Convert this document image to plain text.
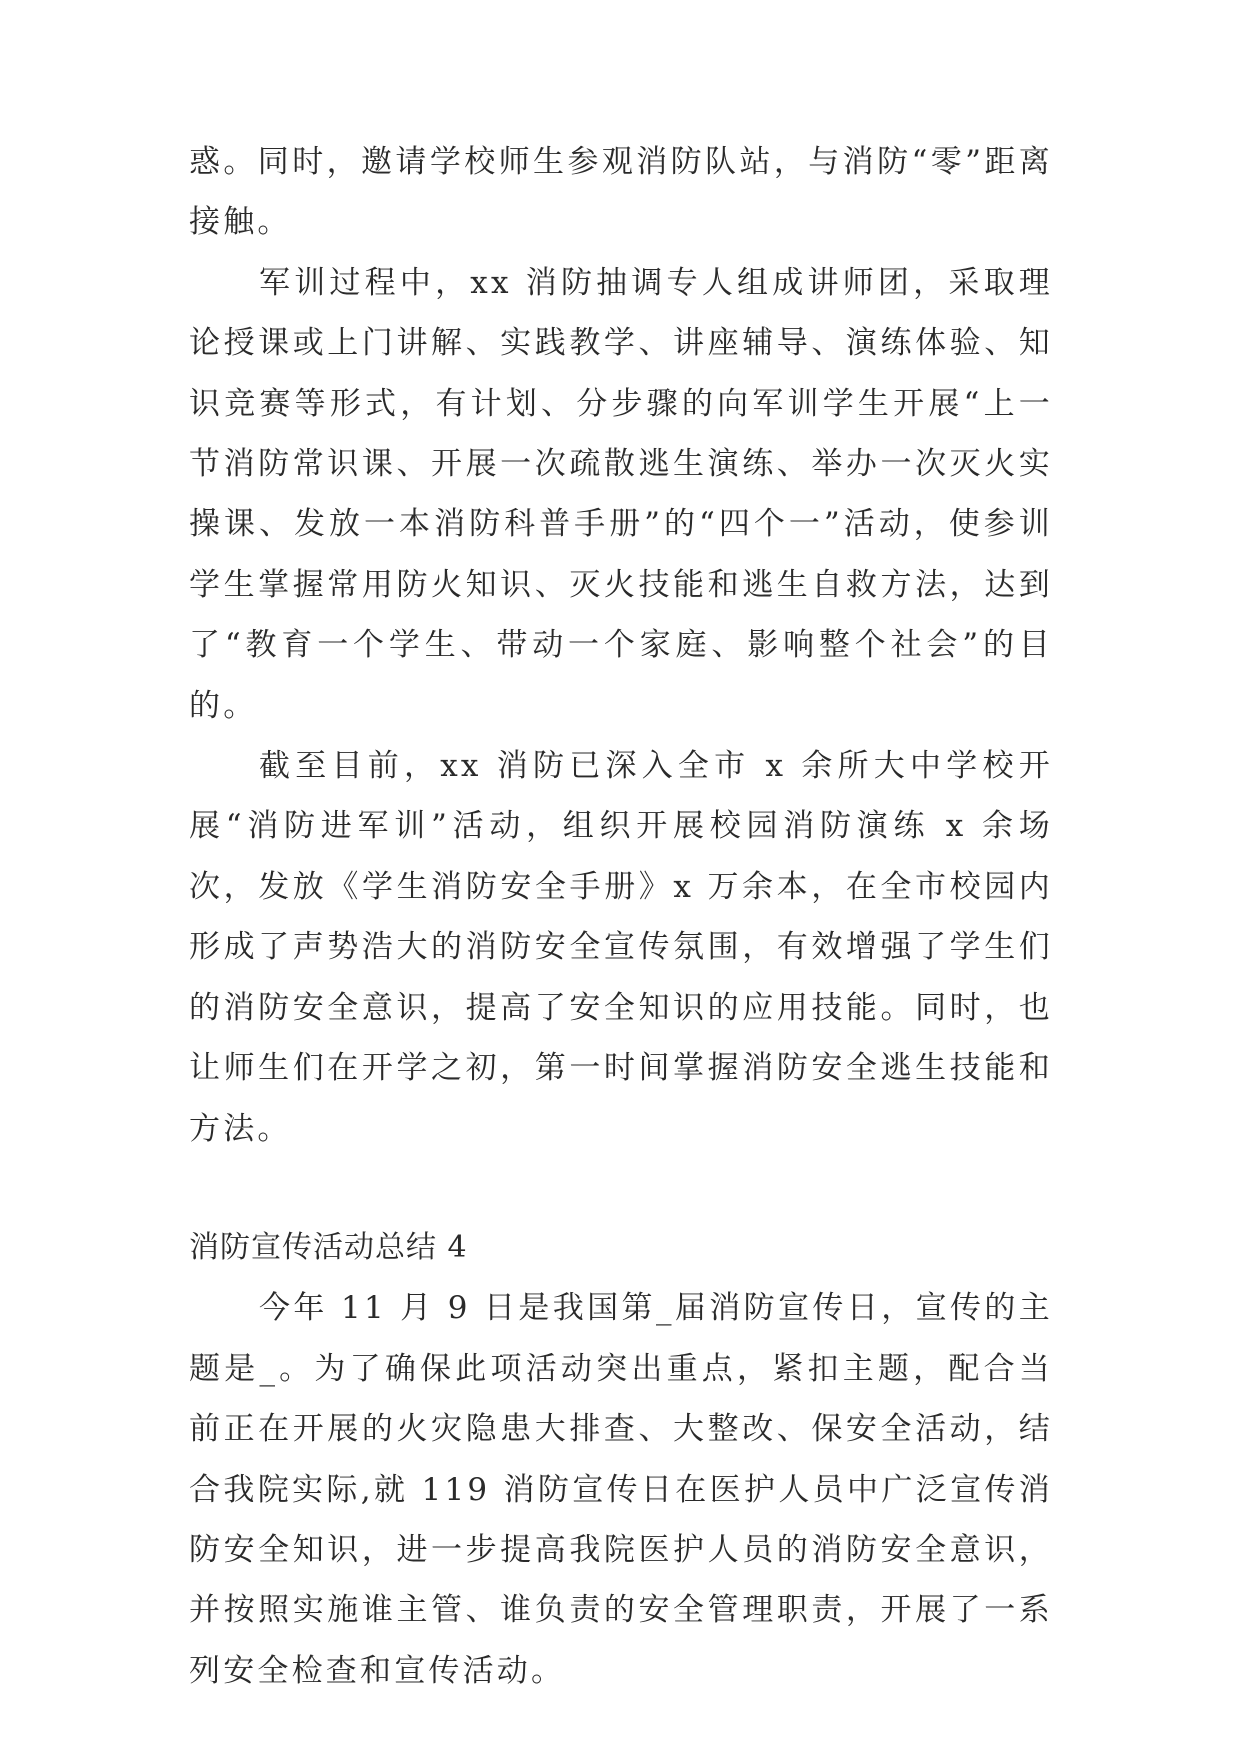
惑。同时，邀请学校师生参观消防队站，与消防“零”距离接触。

军训过程中，xx 消防抽调专人组成讲师团，采取理论授课或上门讲解、实践教学、讲座辅导、演练体验、知识竞赛等形式，有计划、分步骤的向军训学生开展“上一节消防常识课、开展一次疏散逃生演练、举办一次灭火实操课、发放一本消防科普手册”的“四个一”活动，使参训学生掌握常用防火知识、灭火技能和逃生自救方法，达到了“教育一个学生、带动一个家庭、影响整个社会”的目的。

截至目前，xx 消防已深入全市 x 余所大中学校开展“消防进军训”活动，组织开展校园消防演练 x 余场次，发放《学生消防安全手册》x 万余本，在全市校园内形成了声势浩大的消防安全宣传氛围，有效增强了学生们的消防安全意识，提高了安全知识的应用技能。同时，也让师生们在开学之初，第一时间掌握消防安全逃生技能和方法。

消防宣传活动总结 4

今年 11 月 9 日是我国第_届消防宣传日，宣传的主题是_。为了确保此项活动突出重点，紧扣主题，配合当前正在开展的火灾隐患大排查、大整改、保安全活动，结合我院实际,就 119 消防宣传日在医护人员中广泛宣传消防安全知识，进一步提高我院医护人员的消防安全意识，并按照实施谁主管、谁负责的安全管理职责，开展了一系列安全检查和宣传活动。
